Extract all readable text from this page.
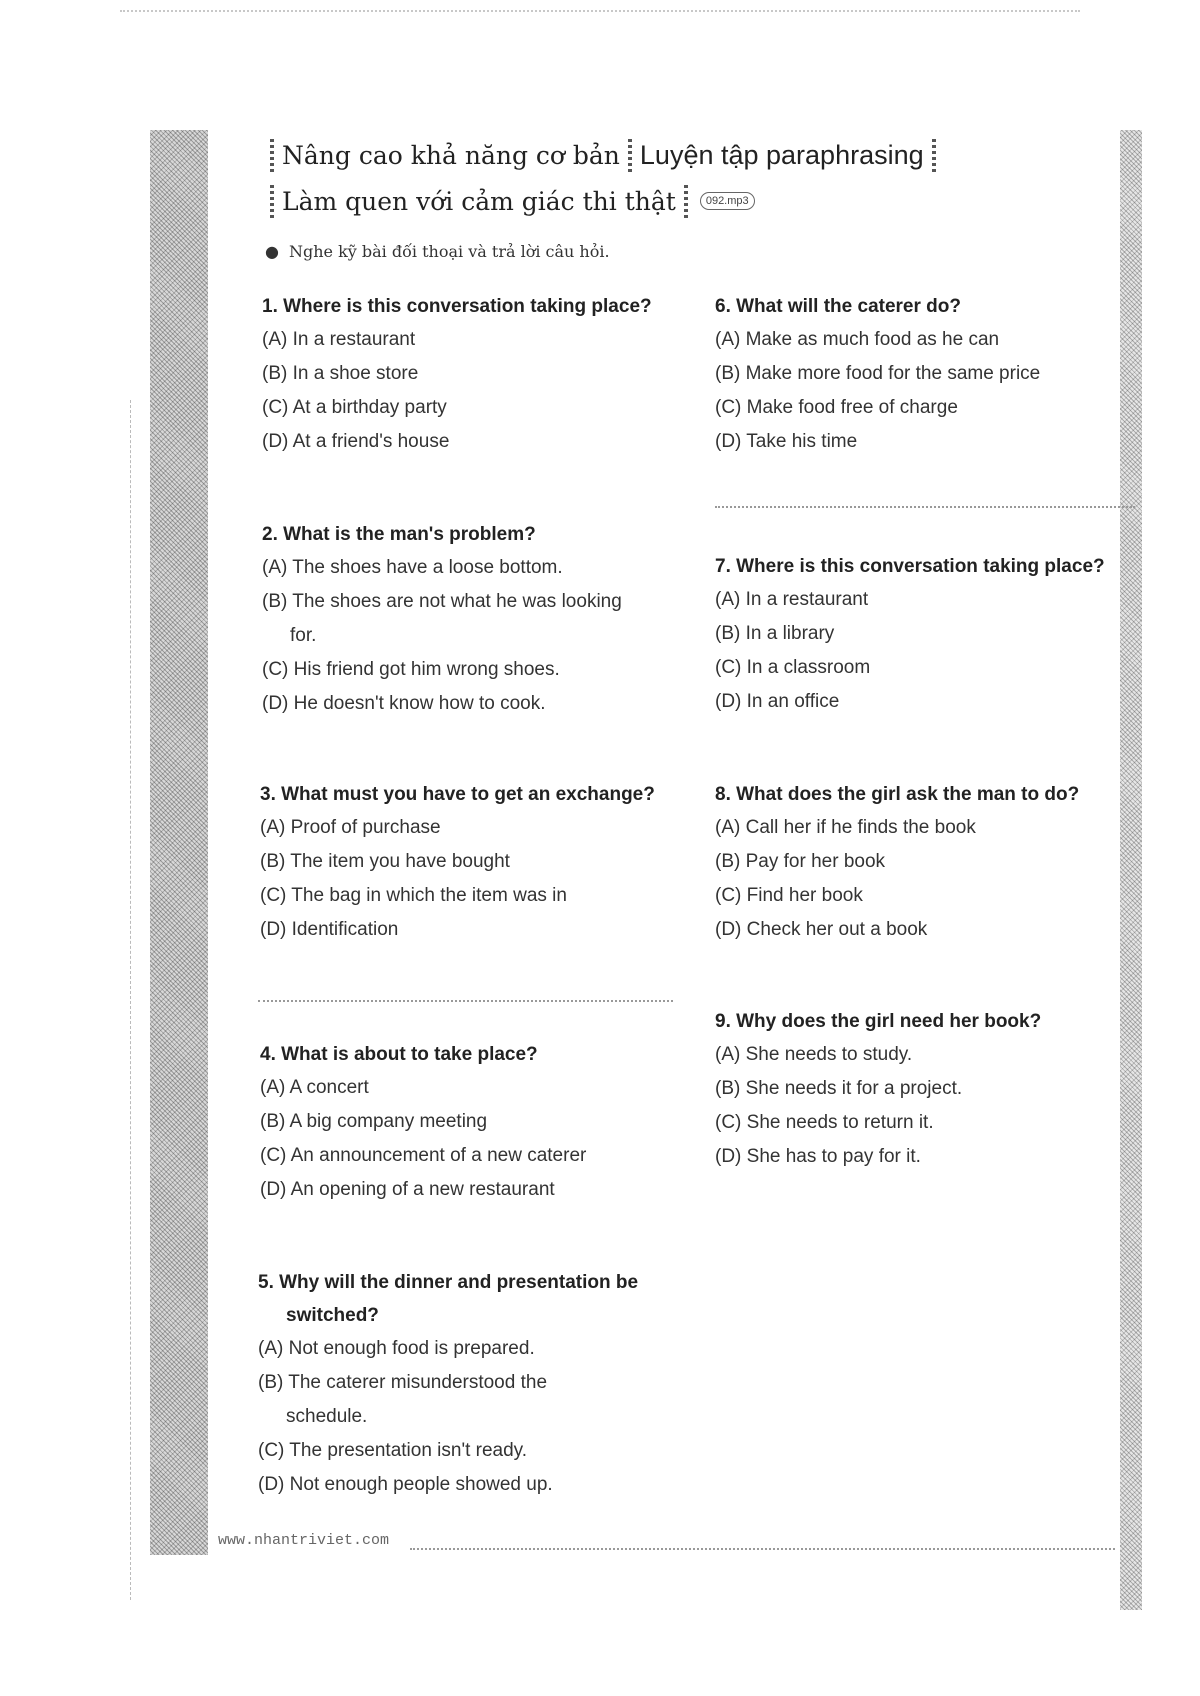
Nâng cao khả năng cơ bản Luyện tập paraphrasing
Làm quen với cảm giác thi thật	092.mp3
● Nghe kỹ bài đối thoại và trả lời câu hỏi.
1. Where is this conversation taking place?
(A) In a restaurant
(B) In a shoe store
(C) At a birthday party
(D) At a friend's house
2. What is the man's problem?
(A) The shoes have a loose bottom.
(B) The shoes are not what he was looking
for.
(C) His friend got him wrong shoes.
(D) He doesn't know how to cook.
3. What must you have to get an exchange?
(A) Proof of purchase
(B) The item you have bought
(C) The bag in which the item was in
(D) Identification
4. What is about to take place?
(A) A concert
(B) A big company meeting
(C) An announcement of a new caterer
(D) An opening of a new restaurant
5. Why will the dinner and presentation be
switched?
(A) Not enough food is prepared.
(B) The caterer misunderstood the
schedule.
(C) The presentation isn't ready.
(D) Not enough people showed up.
6. What will the caterer do?
(A) Make as much food as he can
(B) Make more food for the same price
(C) Make food free of charge
(D) Take his time
7. Where is this conversation taking place?
(A) In a restaurant
(B) In a library
(C) In a classroom
(D) In an office
8. What does the girl ask the man to do?
(A) Call her if he finds the book
(B) Pay for her book
(C) Find her book
(D) Check her out a book
9. Why does the girl need her book?
(A) She needs to study.
(B) She needs it for a project.
(C) She needs to return it.
(D) She has to pay for it.
www.nhantriviet.com
